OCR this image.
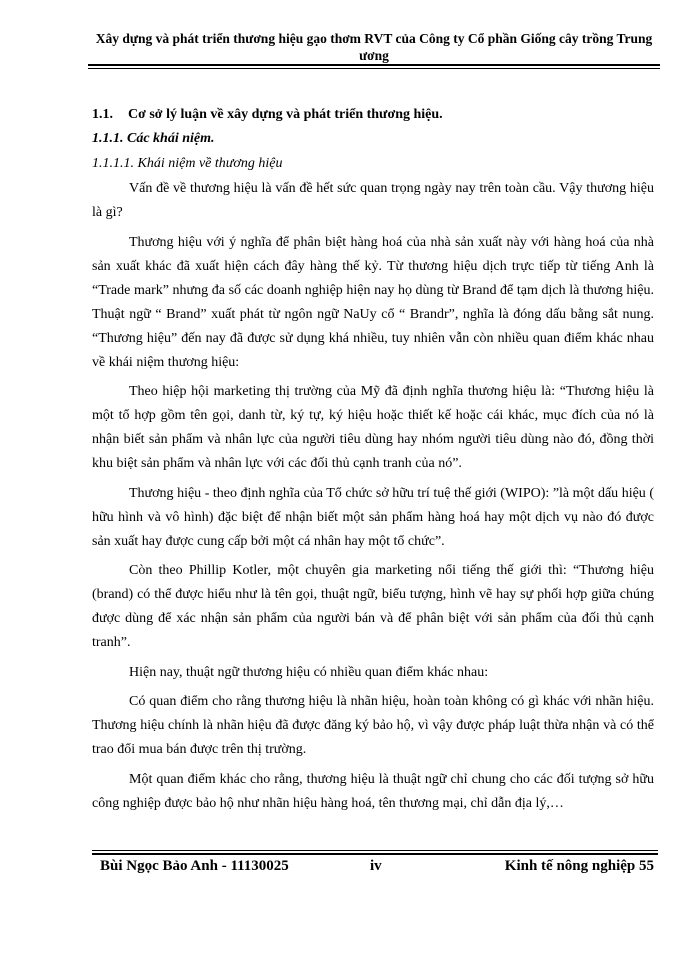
Xây dựng và phát triển thương hiệu gạo thơm RVT của Công ty Cổ phần Giống cây trồng Trung ương
1.1. Cơ sở lý luận về xây dựng và phát triển thương hiệu.
1.1.1. Các khái niệm.
1.1.1.1. Khái niệm về thương hiệu

Vấn đề về thương hiệu là vấn đề hết sức quan trọng ngày nay trên toàn cầu. Vậy thương hiệu là gì?

Thương hiệu với ý nghĩa để phân biệt hàng hoá của nhà sản xuất này với hàng hoá của nhà sản xuất khác đã xuất hiện cách đây hàng thế kỷ. Từ thương hiệu dịch trực tiếp từ tiếng Anh là “Trade mark” nhưng đa số các doanh nghiệp hiện nay họ dùng từ Brand để tạm dịch là thương hiệu. Thuật ngữ “ Brand” xuất phát từ ngôn ngữ NaUy cổ “ Brandr”, nghĩa là đóng dấu bằng sắt nung. “Thương hiệu” đến nay đã được sử dụng khá nhiều, tuy nhiên vẫn còn nhiều quan điểm khác nhau về khái niệm thương hiệu:

Theo hiệp hội marketing thị trường của Mỹ đã định nghĩa thương hiệu là: “Thương hiệu là một tổ hợp gồm tên gọi, danh từ, ký tự, ký hiệu hoặc thiết kế hoặc cái khác, mục đích của nó là nhận biết sản phẩm và nhân lực của người tiêu dùng hay nhóm người tiêu dùng nào đó, đồng thời khu biệt sản phẩm và nhân lực với các đối thủ cạnh tranh của nó”.

Thương hiệu - theo định nghĩa của Tổ chức sở hữu trí tuệ thế giới (WIPO): ”là một dấu hiệu ( hữu hình và vô hình) đặc biệt để nhận biết một sản phẩm hàng hoá hay một dịch vụ nào đó được sản xuất hay được cung cấp bởi một cá nhân hay một tổ chức”.

Còn theo Phillip Kotler, một chuyên gia marketing nổi tiếng thế giới thì: “Thương hiệu (brand) có thể được hiểu như là tên gọi, thuật ngữ, biểu tượng, hình vẽ hay sự phối hợp giữa chúng được dùng để xác nhận sản phẩm của người bán và để phân biệt với sản phẩm của đối thủ cạnh tranh”.

Hiện nay, thuật ngữ thương hiệu có nhiều quan điểm khác nhau:

Có quan điểm cho rằng thương hiệu là nhãn hiệu, hoàn toàn không có gì khác với nhãn hiệu. Thương hiệu chính là nhãn hiệu đã được đăng ký bảo hộ, vì vậy được pháp luật thừa nhận và có thể trao đổi mua bán được trên thị trường.

Một quan điểm khác cho rằng, thương hiệu là thuật ngữ chỉ chung cho các đối tượng sở hữu công nghiệp được bảo hộ như nhãn hiệu hàng hoá, tên thương mại, chỉ dẫn địa lý,…

Bùi Ngọc Bảo Anh - 11130025	iv	Kinh tế nông nghiệp 55
